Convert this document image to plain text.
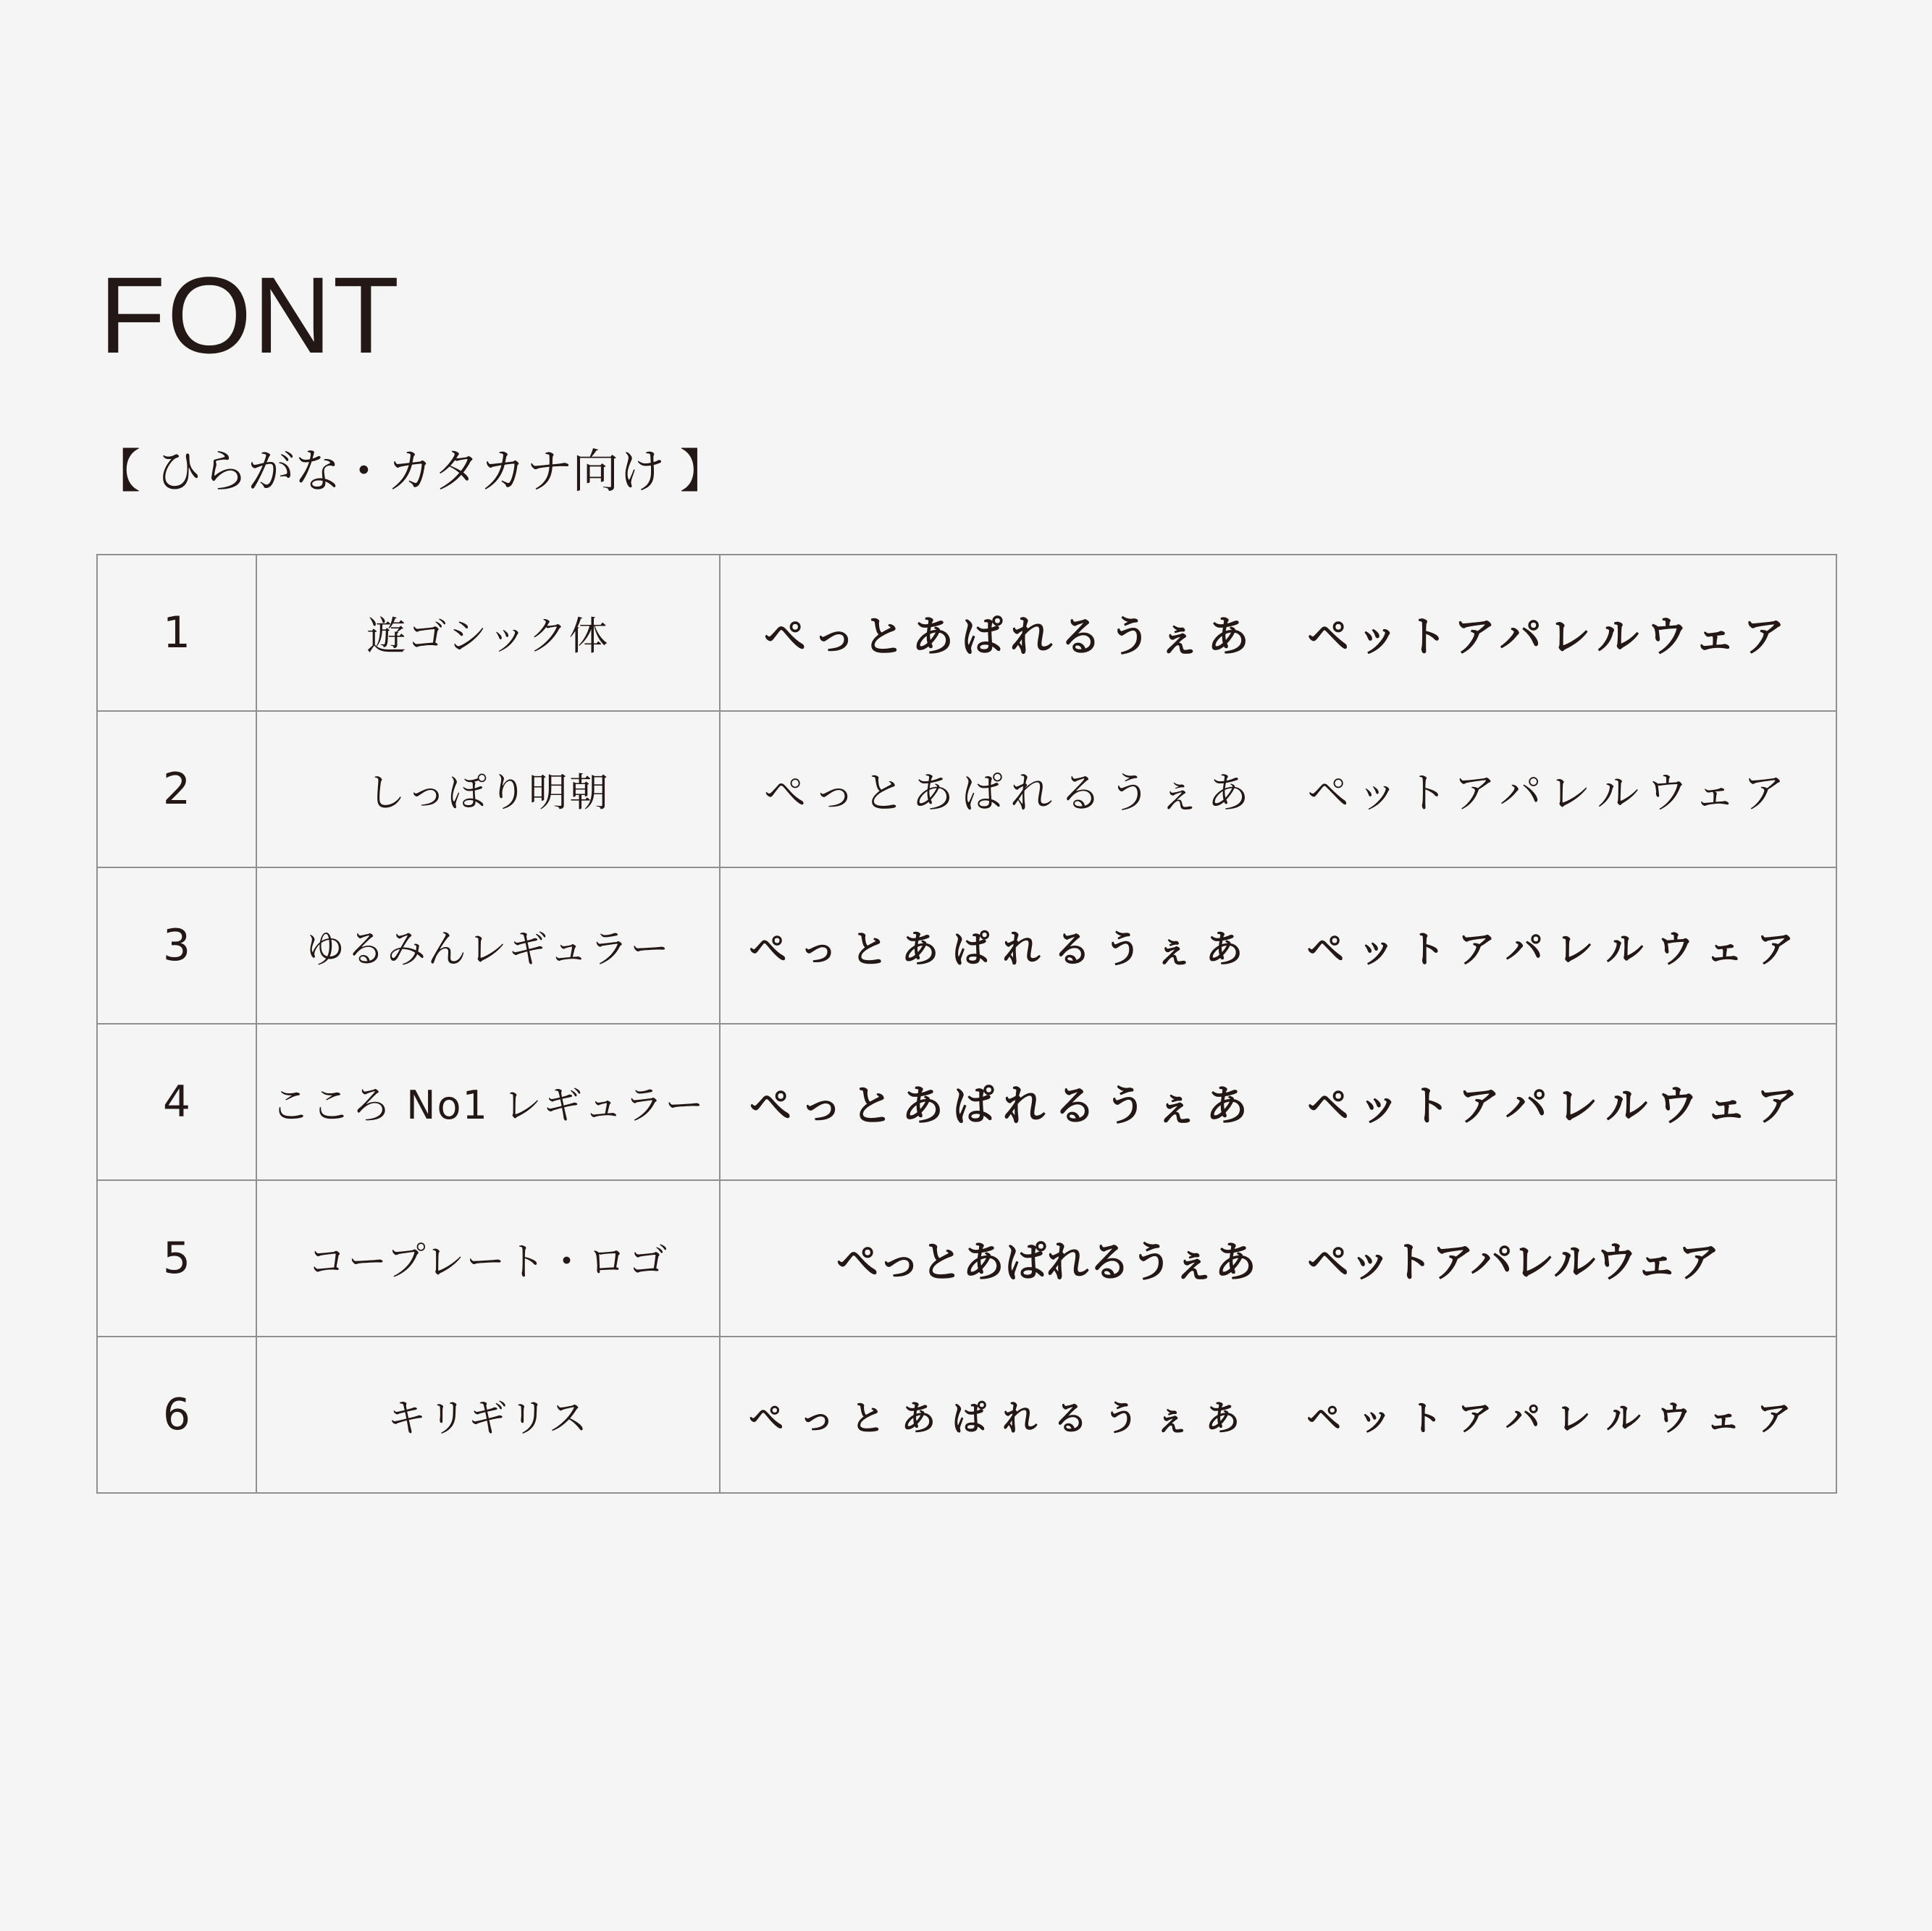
FONT
【 ひらがな・カタカナ向け 】
1	遊ゴシック体	ぺっとあぱれるうぇあ ペットアパレルウェア
2	しっぽり明朝	ぺっとあぱれるうぇあ ペットアパレルウェア
3	ゆるみんレギュラー	ぺっとあぱれるうぇあ ペットアパレルウェア
4	こころ No1 レギュラー	ぺっとあぱれるうぇあ ペットアパレルウェア
5	コープレート・ロゴ	ぺっとあぱれるうぇあ ペットアパレルウェア
6	キリギリス	ぺっとあぱれるうぇあ ペットアパレルウェア
